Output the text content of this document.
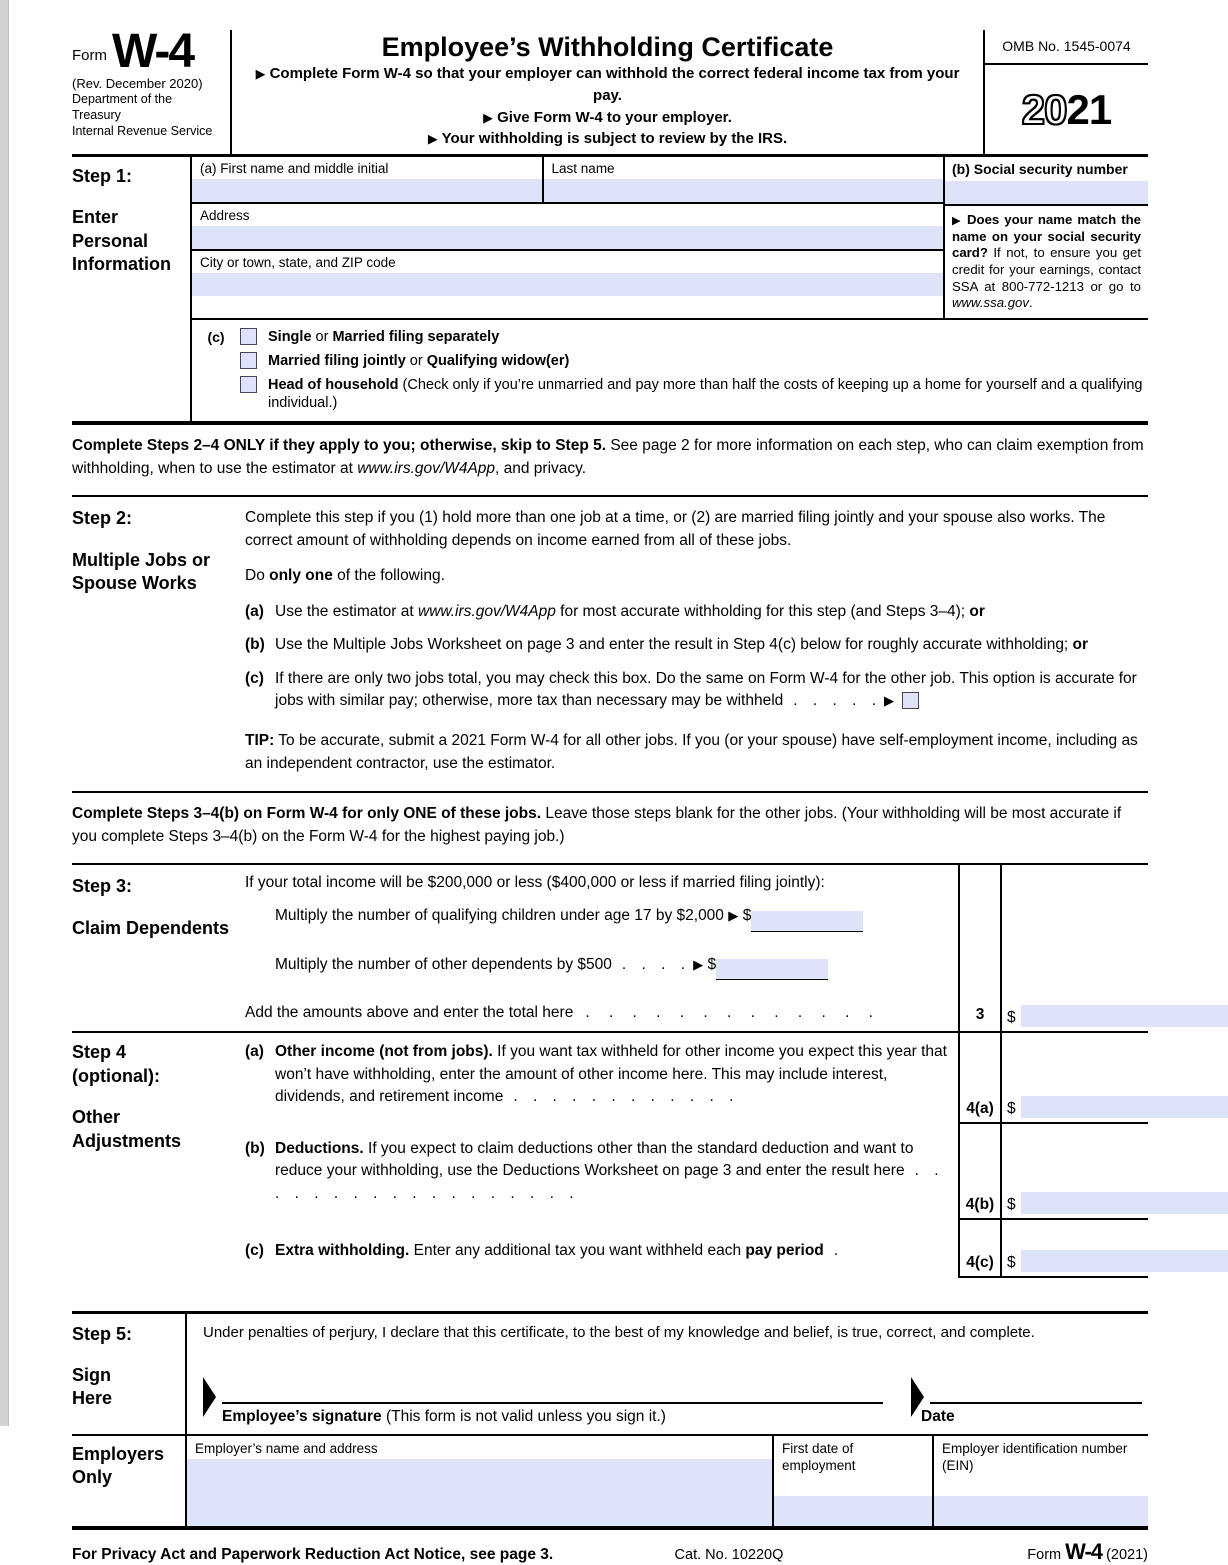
Form W-4
(Rev. December 2020)
Department of the Treasury
Internal Revenue Service
Employee’s Withholding Certificate
▶ Complete Form W-4 so that your employer can withhold the correct federal income tax from your pay.
▶ Give Form W-4 to your employer.
▶ Your withholding is subject to review by the IRS.
OMB No. 1545-0074
20 21
Step 1:
Enter Personal Information
(a) First name and middle initial	Last name
Address
City or town, state, and ZIP code
(b) Social security number
▶ Does your name match the name on your social security card? If not, to ensure you get credit for your earnings, contact SSA at 800-772-1213 or go to www.ssa.gov.
(c)	Single or Married filing separately
Married filing jointly or Qualifying widow(er)
Head of household (Check only if you’re unmarried and pay more than half the costs of keeping up a home for yourself and a qualifying individual.)
Complete Steps 2–4 ONLY if they apply to you; otherwise, skip to Step 5. See page 2 for more information on each step, who can claim exemption from withholding, when to use the estimator at www.irs.gov/W4App, and privacy.
Step 2:
Multiple Jobs or Spouse Works
Complete this step if you (1) hold more than one job at a time, or (2) are married filing jointly and your spouse also works. The correct amount of withholding depends on income earned from all of these jobs.
Do only one of the following.
(a) Use the estimator at www.irs.gov/W4App for most accurate withholding for this step (and Steps 3–4); or
(b) Use the Multiple Jobs Worksheet on page 3 and enter the result in Step 4(c) below for roughly accurate withholding; or
(c) If there are only two jobs total, you may check this box. Do the same on Form W-4 for the other job. This option is accurate for jobs with similar pay; otherwise, more tax than necessary may be withheld . . . . . ▶
TIP: To be accurate, submit a 2021 Form W-4 for all other jobs. If you (or your spouse) have self-employment income, including as an independent contractor, use the estimator.
Complete Steps 3–4(b) on Form W-4 for only ONE of these jobs. Leave those steps blank for the other jobs. (Your withholding will be most accurate if you complete Steps 3–4(b) on the Form W-4 for the highest paying job.)
Step 3:
Claim Dependents
If your total income will be $200,000 or less ($400,000 or less if married filing jointly):
Multiply the number of qualifying children under age 17 by $2,000 ▶ $
Multiply the number of other dependents by $500 . . . . ▶ $
Add the amounts above and enter the total here . . . . . . . . . . . . .	3 $
Step 4
(optional):
Other
Adjustments
(a) Other income (not from jobs). If you want tax withheld for other income you expect this year that won’t have withholding, enter the amount of other income here. This may include interest, dividends, and retirement income . . . . . . . . . . . .
4(a) $
(b) Deductions. If you expect to claim deductions other than the standard deduction and want to reduce your withholding, use the Deductions Worksheet on page 3 and enter the result here . . . . . . . . . . . . . . . . . .
4(b) $
(c) Extra withholding. Enter any additional tax you want withheld each pay period .
4(c) $
Step 5:
Sign
Here
Under penalties of perjury, I declare that this certificate, to the best of my knowledge and belief, is true, correct, and complete.
Employee’s signature (This form is not valid unless you sign it.)	Date
Employers
Only
Employer’s name and address	First date of employment
Employer identification number (EIN)
For Privacy Act and Paperwork Reduction Act Notice, see page 3.	Cat. No. 10220Q	Form W-4 (2021)
